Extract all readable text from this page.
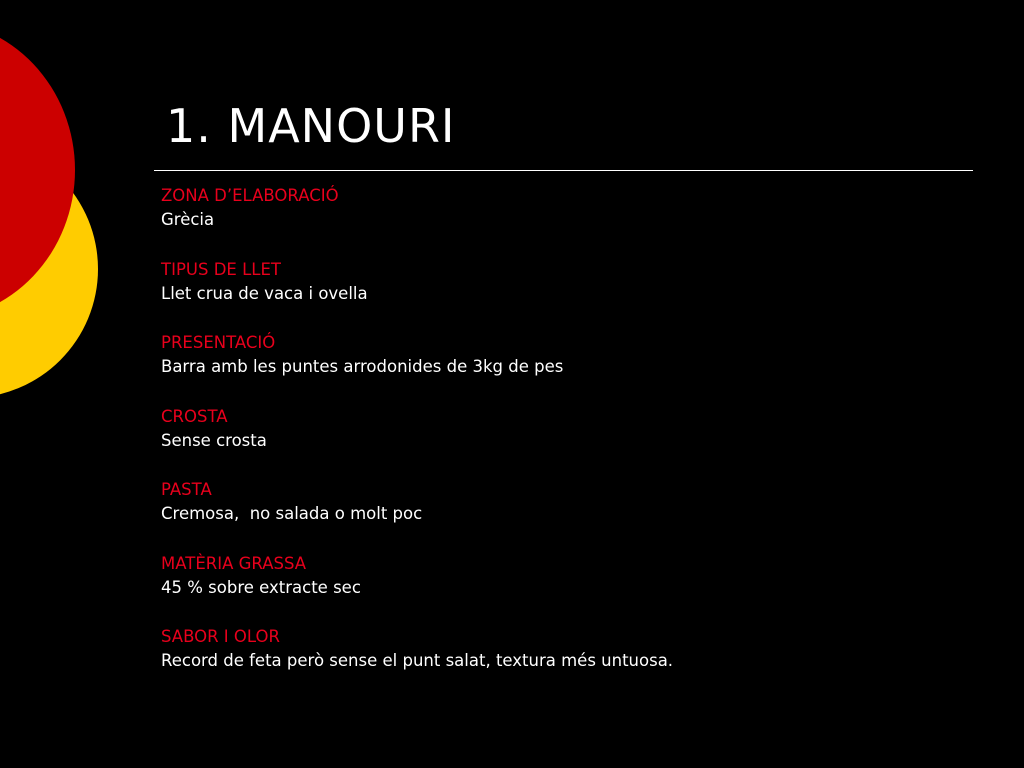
1. MANOURI
ZONA D’ELABORACIÓ
Grècia
TIPUS DE LLET
Llet crua de vaca i ovella
PRESENTACIÓ
Barra amb les puntes arrodonides de 3kg de pes
CROSTA
Sense crosta
PASTA
Cremosa,  no salada o molt poc
MATÈRIA GRASSA
45 % sobre extracte sec
SABOR I OLOR
Record de feta però sense el punt salat, textura més untuosa.
